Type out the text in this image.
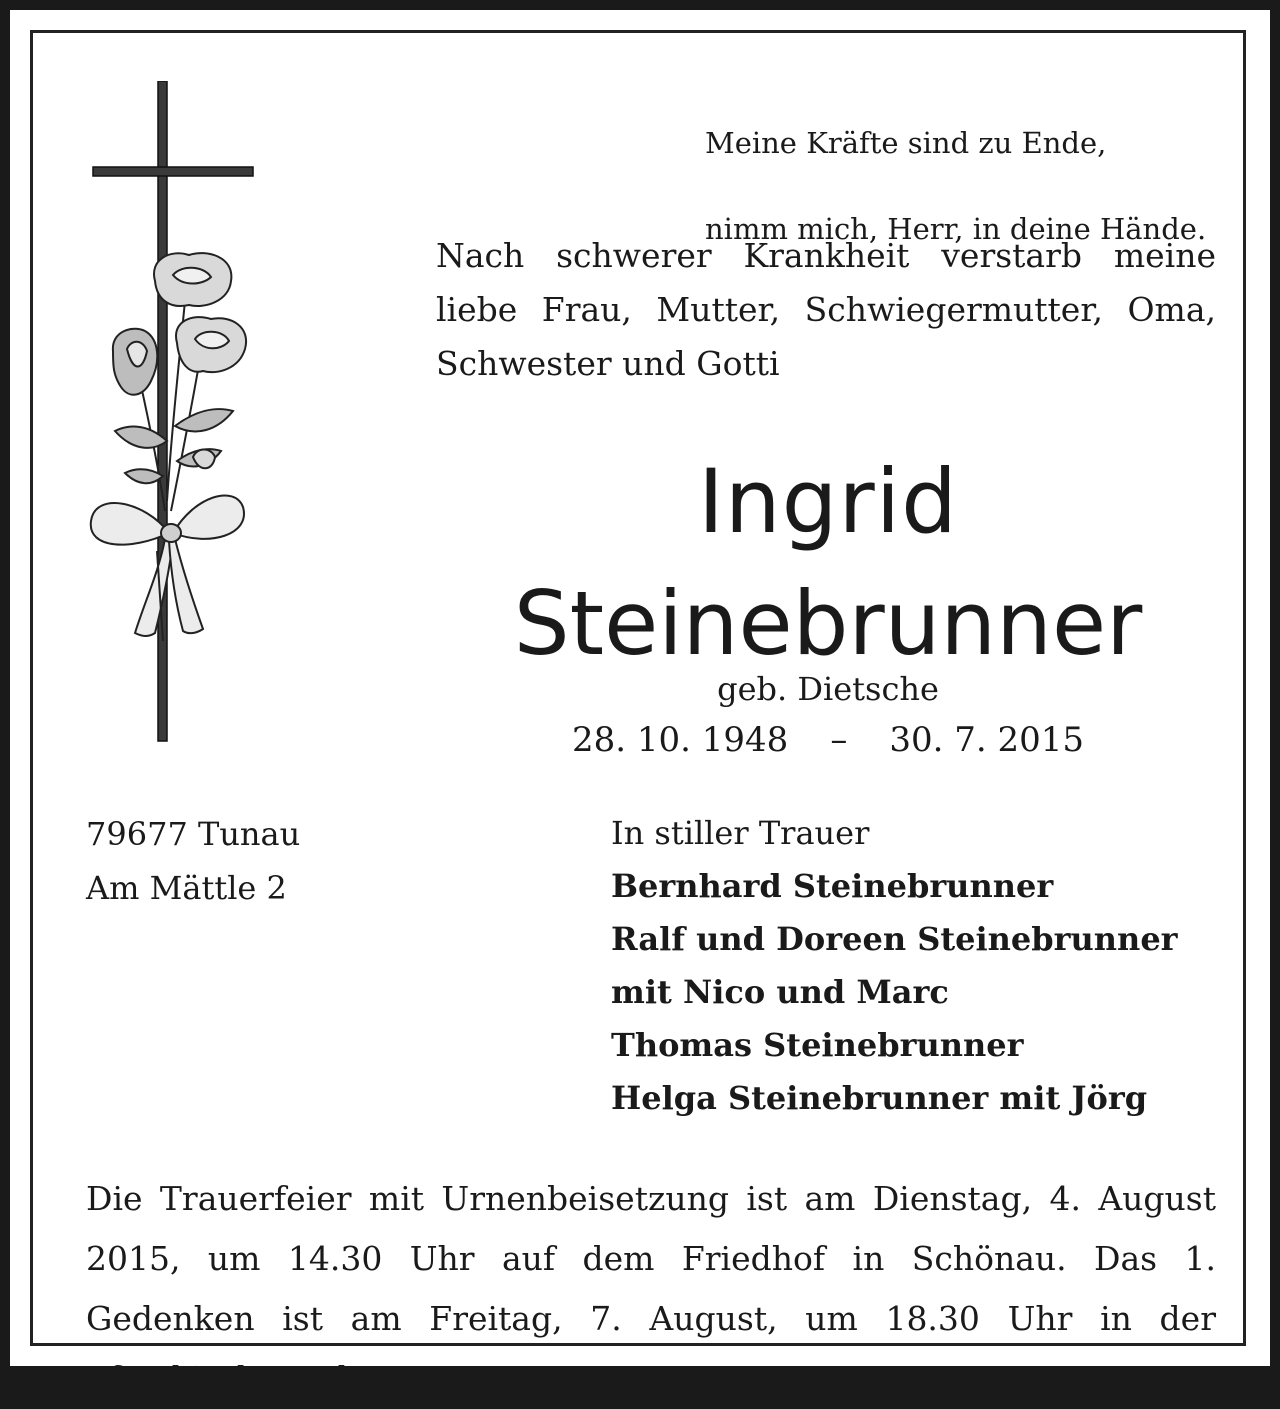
Meine Kräfte sind zu Ende,

nimm mich, Herr, in deine Hände.

Nach schwerer Krankheit verstarb meine liebe Frau, Mutter, Schwiegermutter, Oma, Schwester und Gotti

Ingrid
Steinebrunner
geb. Dietsche
28. 10. 1948 – 30. 7. 2015
79677 Tunau
Am Mättle 2
In stiller Trauer
Bernhard Steinebrunner
Ralf und Doreen Steinebrunner
mit Nico und Marc
Thomas Steinebrunner
Helga Steinebrunner mit Jörg

Die Trauerfeier mit Urnenbeisetzung ist am Dienstag, 4. August 2015, um 14.30 Uhr auf dem Friedhof in Schönau. Das 1. Gedenken ist am Freitag, 7. August, um 18.30 Uhr in der Pfarrkirche Todtnau.
